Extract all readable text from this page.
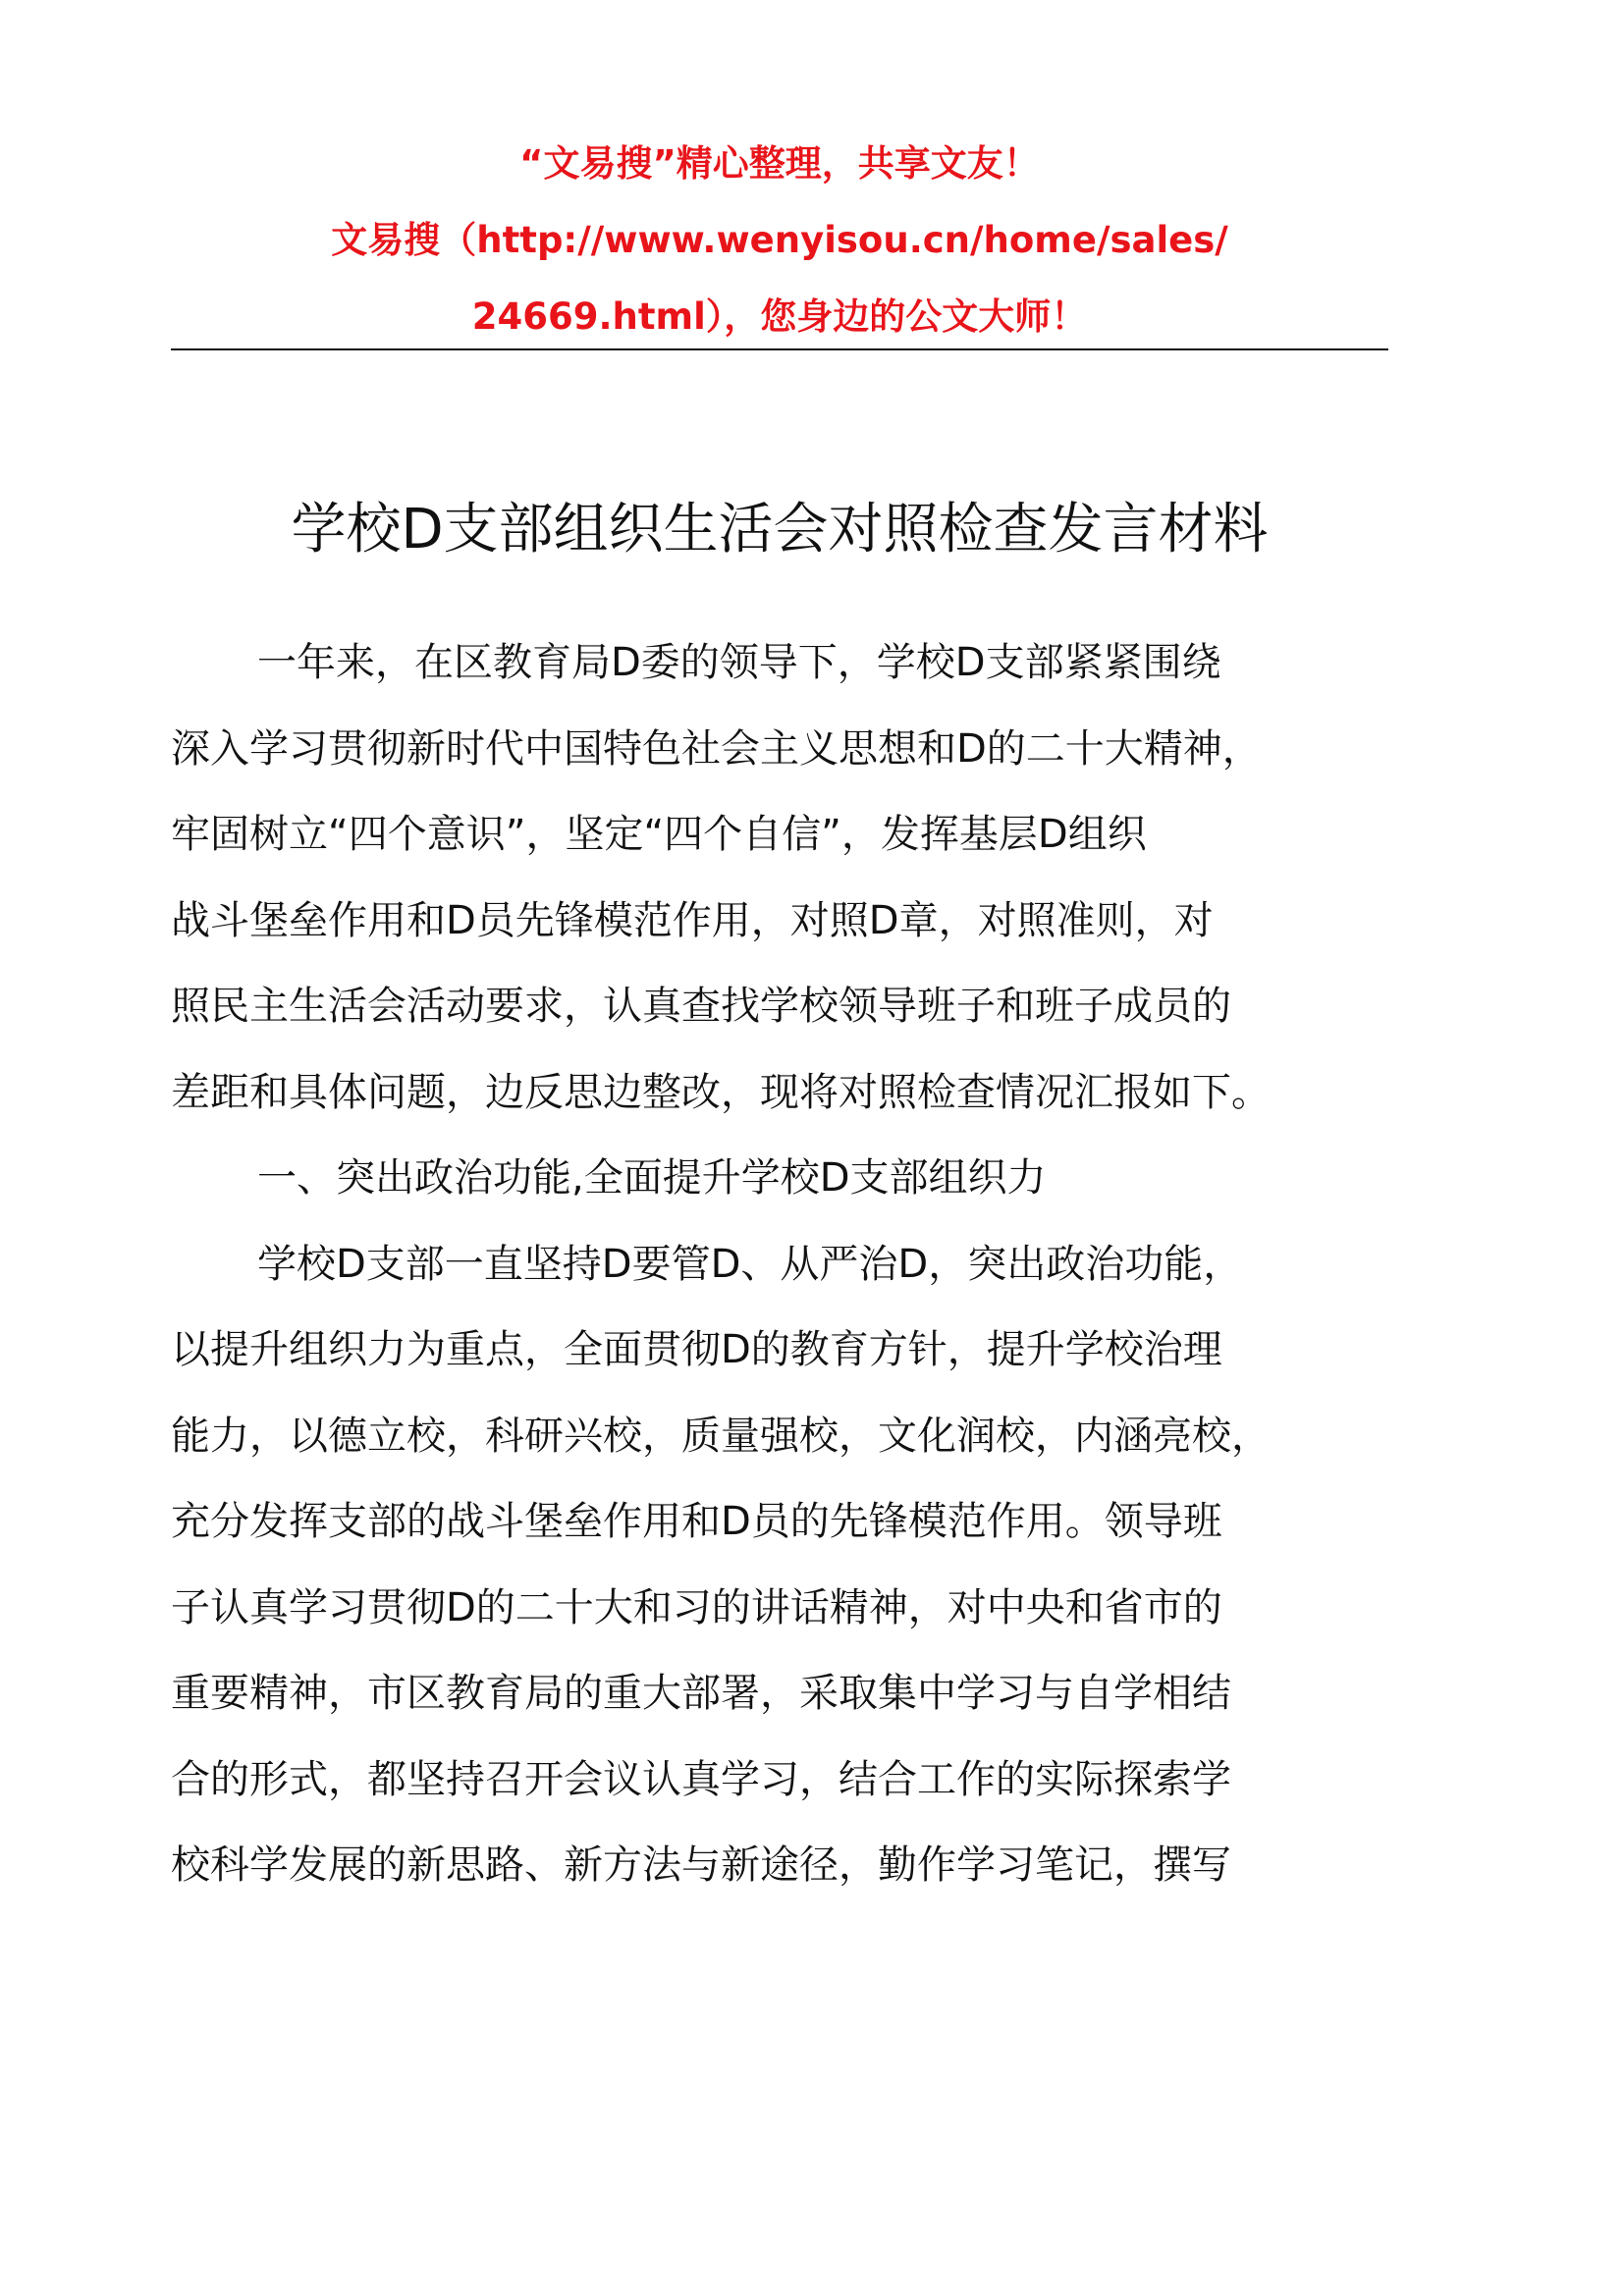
“文易搜”精心整理，共享文友！
文易搜（http://www.wenyisou.cn/home/sales/
24669.html），您身边的公文大师！
学校D支部组织生活会对照检查发言材料
一年来，在区教育局D委的领导下，学校D支部紧紧围绕
深入学习贯彻新时代中国特色社会主义思想和D的二十大精神，
牢固树立“四个意识”，坚定“四个自信”，发挥基层D组织
战斗堡垒作用和D员先锋模范作用，对照D章，对照准则，对
照民主生活会活动要求，认真查找学校领导班子和班子成员的
差距和具体问题，边反思边整改，现将对照检查情况汇报如下。
一、突出政治功能,全面提升学校D支部组织力
学校D支部一直坚持D要管D、从严治D，突出政治功能，
以提升组织力为重点，全面贯彻D的教育方针，提升学校治理
能力，以德立校，科研兴校，质量强校，文化润校，内涵亮校，
充分发挥支部的战斗堡垒作用和D员的先锋模范作用。领导班
子认真学习贯彻D的二十大和习的讲话精神，对中央和省市的
重要精神，市区教育局的重大部署，采取集中学习与自学相结
合的形式，都坚持召开会议认真学习，结合工作的实际探索学
校科学发展的新思路、新方法与新途径，勤作学习笔记，撰写
